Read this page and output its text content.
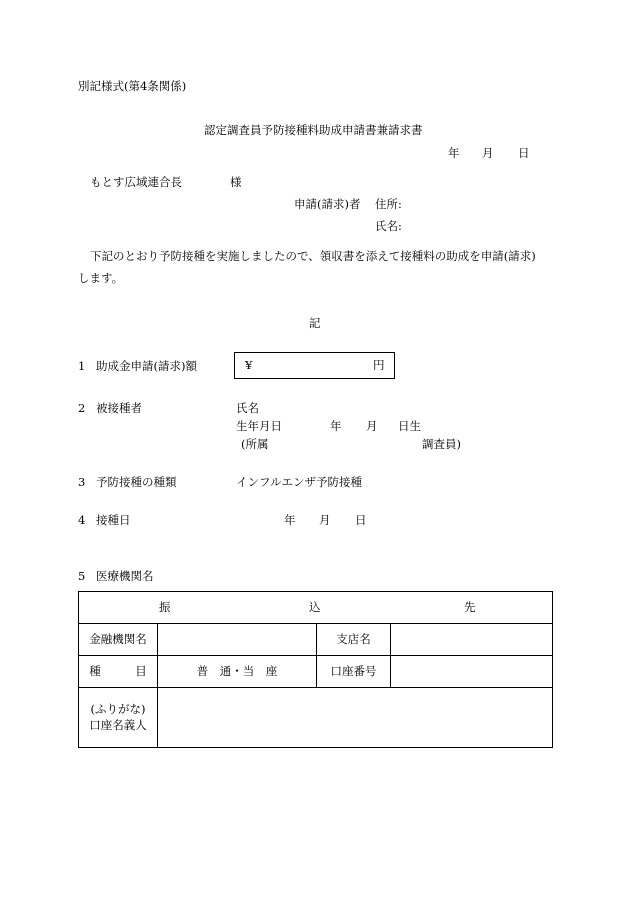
別記様式(第4条関係)
認定調査員予防接種料助成申請書兼請求書
年 月 日
もとす広域連合長	様
申請(請求)者 住所:
氏名:
下記のとおり予防接種を実施しましたので、領収書を添えて接種料の助成を申請(請求)
します。
記
1 助成金申請(請求)額	¥	円
2 被接種者	氏名
生年月日	年 月 日生
(所属	調査員)
3 予防接種の種類	インフルエンザ予防接種
4 接種日	年 月 日
5 医療機関名
振 込 先			

金融機関名		支店名	
種　　　目	普　通・当　座	口座番号	

(ふりがな)
口座名義人			
